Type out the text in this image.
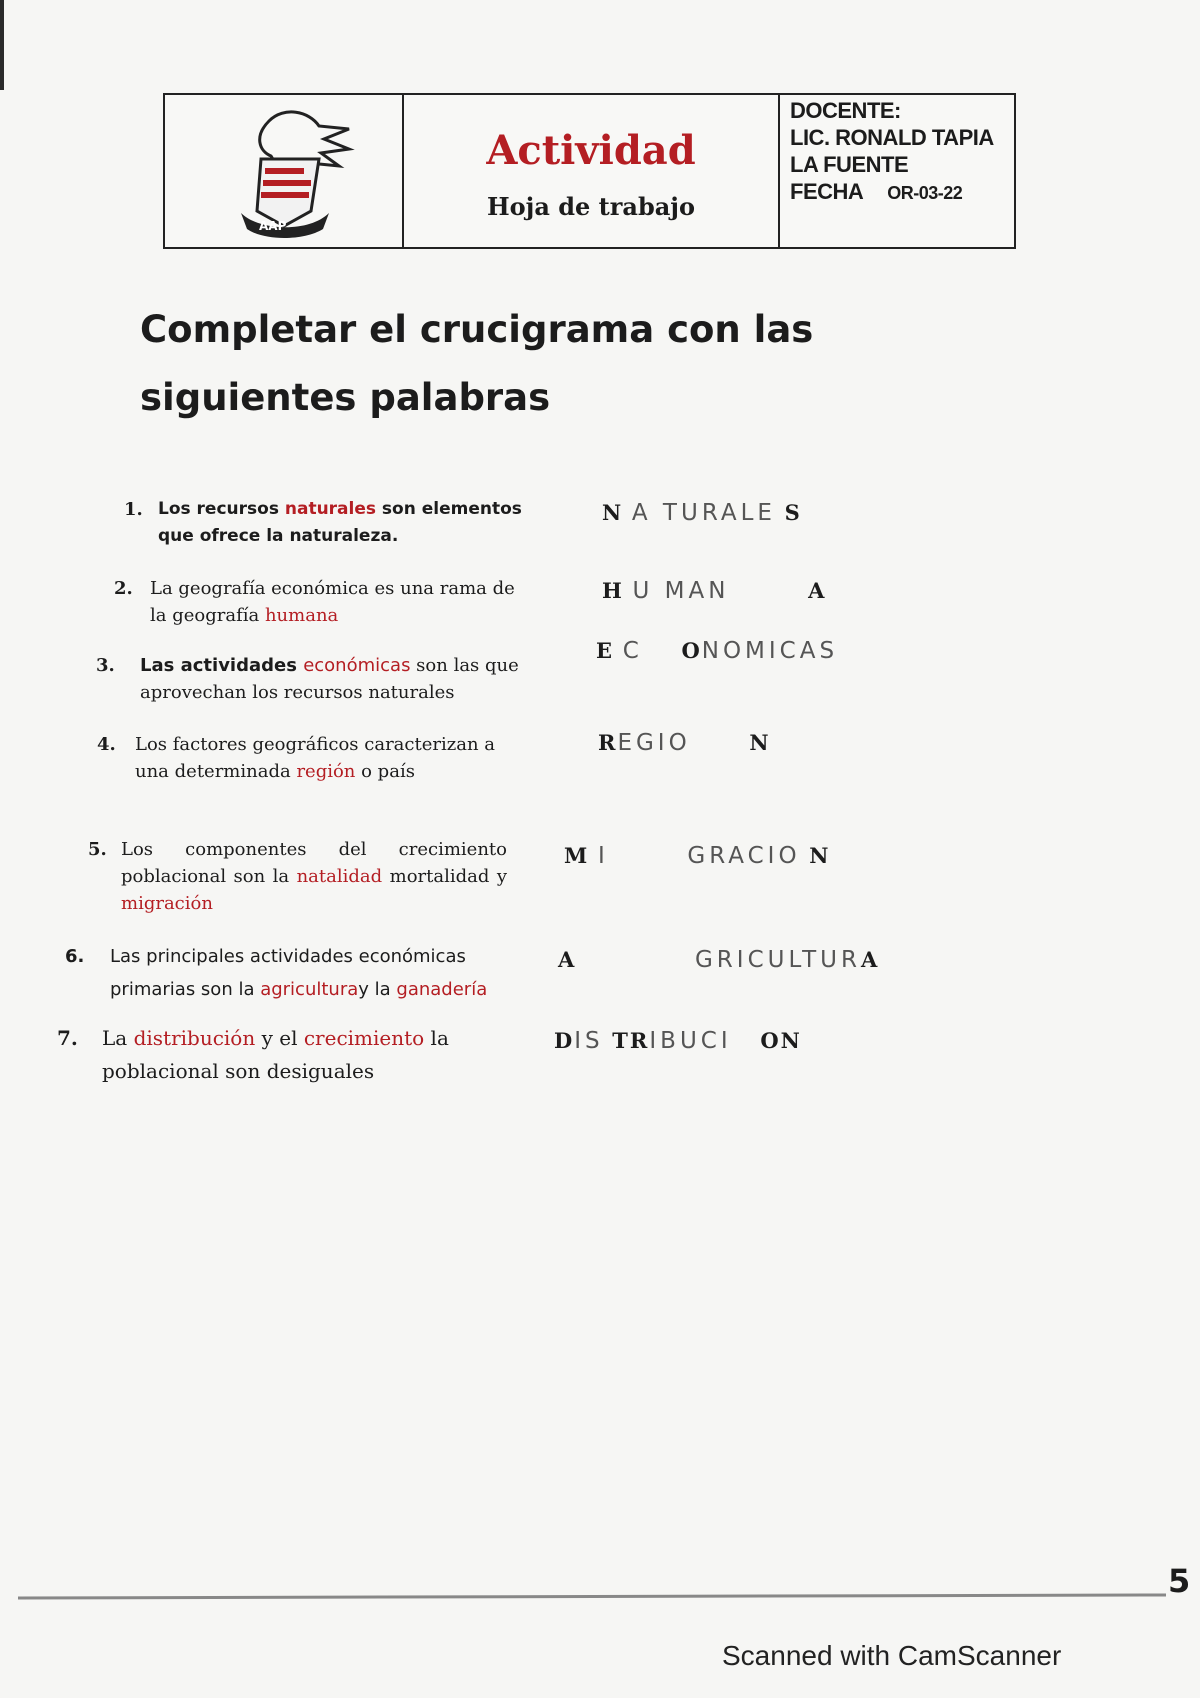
AAP
Actividad
Hoja de trabajo
DOCENTE:
LIC. RONALD TAPIA LA FUENTE
FECHA OR-03-22
Completar el crucigrama con las siguientes palabras
1. Los recursos naturales son elementos que ofrece la naturaleza.
2. La geografía económica es una rama de la geografía humana
3. Las actividades económicas son las que aprovechan los recursos naturales
4. Los factores geográficos caracterizan a una determinada región o país
5. Los componentes del crecimiento poblacional son la natalidad mortalidad y migración
6. Las principales actividades económicas primarias son la agriculturay la ganadería
7. La distribución y el crecimiento la poblacional son desiguales
N A TURALE S
H U MAN	A
E C ONOMICAS
REGIO	N
M I	GRACIO N
A	GRICULTURA
DIS TRIBUCI ON
5
Scanned with CamScanner
